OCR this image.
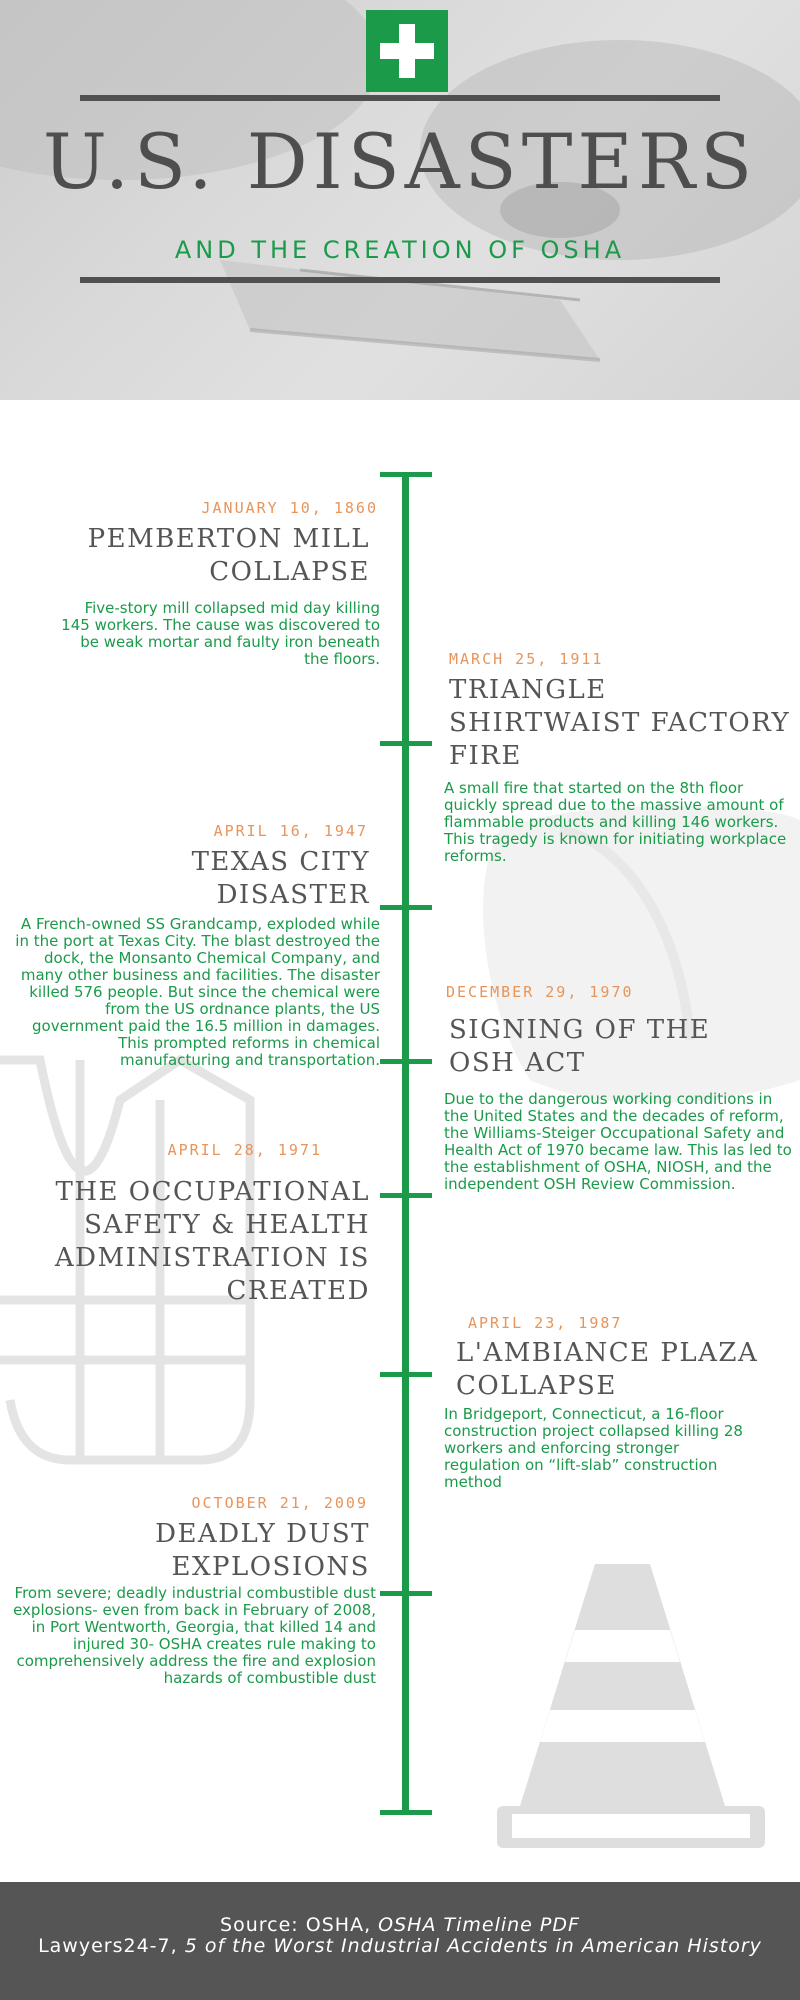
U.S. DISASTERS
AND THE CREATION OF OSHA
JANUARY 10, 1860
PEMBERTON MILL COLLAPSE
Five-story mill collapsed mid day killing 145 workers. The cause was discovered to be weak mortar and faulty iron beneath the floors.	MARCH 25, 1911
TRIANGLE SHIRTWAIST FACTORY FIRE
A small fire that started on the 8th floor quickly spread due to the massive amount of flammable products and killing 146 workers. This tragedy is known for initiating workplace reforms.
APRIL 16, 1947
TEXAS CITY DISASTER
A French-owned SS Grandcamp, exploded while in the port at Texas City. The blast destroyed the dock, the Monsanto Chemical Company, and many other business and facilities. The disaster killed 576 people. But since the chemical were from the US ordnance plants, the US government paid the 16.5 million in damages. This prompted reforms in chemical manufacturing and transportation.
DECEMBER 29, 1970
SIGNING OF THE OSH ACT
Due to the dangerous working conditions in the United States and the decades of reform, the Williams-Steiger Occupational Safety and Health Act of 1970 became law. This las led to the establishment of OSHA, NIOSH, and the independent OSH Review Commission.
APRIL 28, 1971
THE OCCUPATIONAL SAFETY & HEALTH ADMINISTRATION IS CREATED
APRIL 23, 1987
L'AMBIANCE PLAZA COLLAPSE
In Bridgeport, Connecticut, a 16-floor construction project collapsed killing 28 workers and enforcing stronger regulation on “lift-slab” construction method
OCTOBER 21, 2009
DEADLY DUST EXPLOSIONS
From severe; deadly industrial combustible dust explosions- even from back in February of 2008, in Port Wentworth, Georgia, that killed 14 and injured 30- OSHA creates rule making to comprehensively address the fire and explosion hazards of combustible dust
Source: OSHA, OSHA Timeline PDF
Lawyers24-7, 5 of the Worst Industrial Accidents in American History
